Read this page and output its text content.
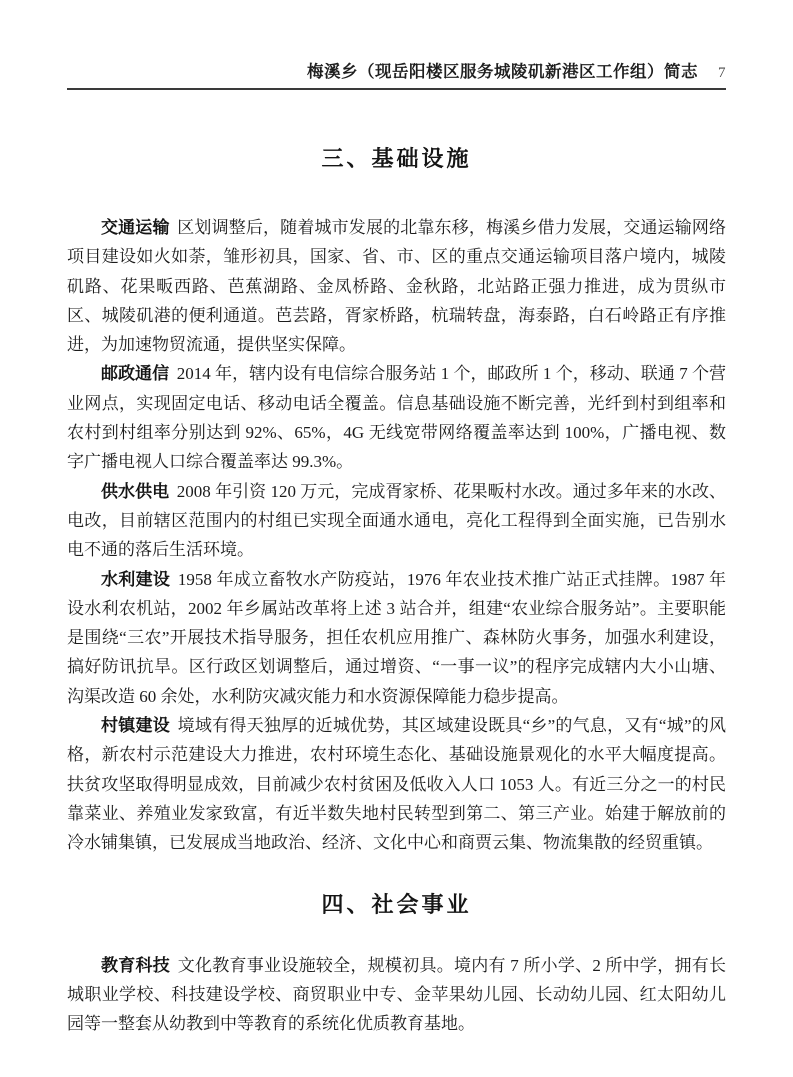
梅溪乡（现岳阳楼区服务城陵矶新港区工作组）简志 7
三、基础设施

交通运输 区划调整后，随着城市发展的北靠东移，梅溪乡借力发展，交通运输网络项目建设如火如荼，雏形初具，国家、省、市、区的重点交通运输项目落户境内，城陵矶路、花果畈西路、芭蕉湖路、金凤桥路、金秋路，北站路正强力推进，成为贯纵市区、城陵矶港的便利通道。芭芸路，胥家桥路，杭瑞转盘，海泰路，白石岭路正有序推进，为加速物贸流通，提供坚实保障。

邮政通信 2014 年，辖内设有电信综合服务站 1 个，邮政所 1 个，移动、联通 7 个营业网点，实现固定电话、移动电话全覆盖。信息基础设施不断完善，光纤到村到组率和农村到村组率分别达到 92%、65%，4G 无线宽带网络覆盖率达到 100%，广播电视、数字广播电视人口综合覆盖率达 99.3%。

供水供电 2008 年引资 120 万元，完成胥家桥、花果畈村水改。通过多年来的水改、电改，目前辖区范围内的村组已实现全面通水通电，亮化工程得到全面实施，已告别水电不通的落后生活环境。

水利建设 1958 年成立畜牧水产防疫站，1976 年农业技术推广站正式挂牌。1987 年设水利农机站，2002 年乡属站改革将上述 3 站合并，组建“农业综合服务站”。主要职能是围绕“三农”开展技术指导服务，担任农机应用推广、森林防火事务，加强水利建设，搞好防讯抗旱。区行政区划调整后，通过增资、“一事一议”的程序完成辖内大小山塘、沟渠改造 60 余处，水利防灾减灾能力和水资源保障能力稳步提高。

村镇建设 境域有得天独厚的近城优势，其区域建设既具“乡”的气息，又有“城”的风格，新农村示范建设大力推进，农村环境生态化、基础设施景观化的水平大幅度提高。扶贫攻坚取得明显成效，目前减少农村贫困及低收入人口 1053 人。有近三分之一的村民靠菜业、养殖业发家致富，有近半数失地村民转型到第二、第三产业。始建于解放前的冷水铺集镇，已发展成当地政治、经济、文化中心和商贾云集、物流集散的经贸重镇。

四、社会事业

教育科技 文化教育事业设施较全，规模初具。境内有 7 所小学、2 所中学，拥有长城职业学校、科技建设学校、商贸职业中专、金苹果幼儿园、长动幼儿园、红太阳幼儿园等一整套从幼教到中等教育的系统化优质教育基地。
